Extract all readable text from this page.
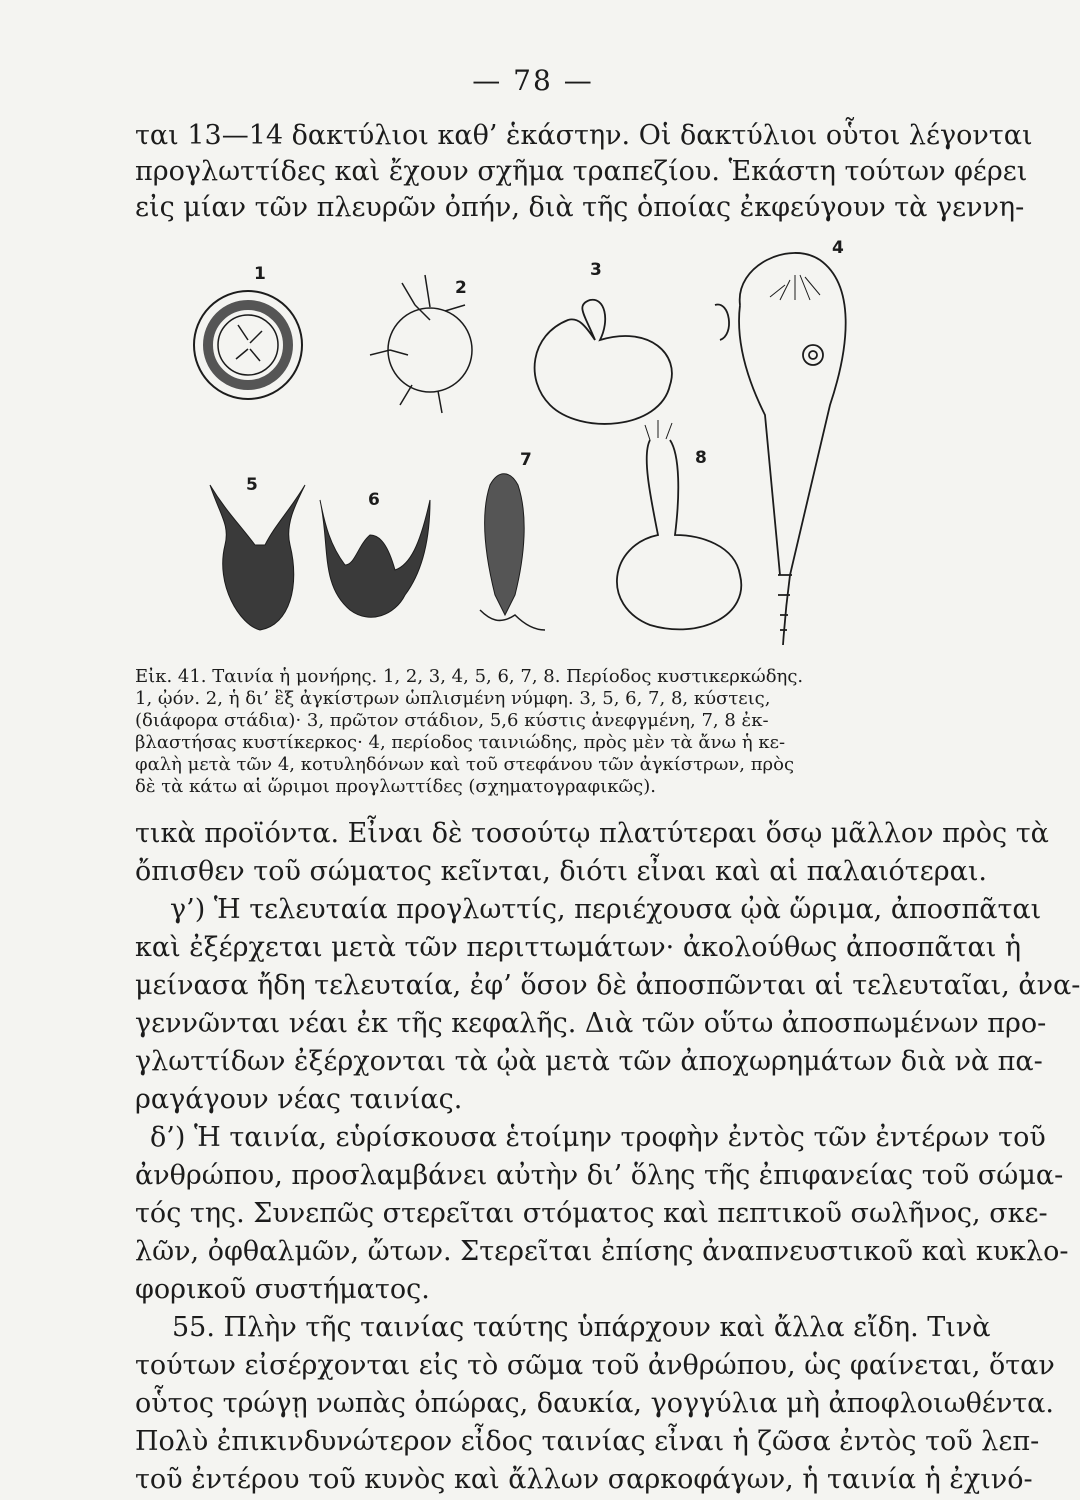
— 78 —
ται 13—14 δακτύλιοι καθ’ ἑκάστην. Οἱ δακτύλιοι οὗτοι λέγονται
προγλωττίδες καὶ ἔχουν σχῆμα τραπεζίου. Ἑκάστη τούτων φέρει
εἰς μίαν τῶν πλευρῶν ὀπήν, διὰ τῆς ὁποίας ἐκφεύγουν τὰ γεννη-
1
2
3
4
5
6
7	8
Εἰκ. 41. Ταινία ἡ μονήρης. 1, 2, 3, 4, 5, 6, 7, 8. Περίοδος κυστικερκώδης.
1, ᾠόν. 2, ἡ δι’ ἓξ ἀγκίστρων ὡπλισμένη νύμφη. 3, 5, 6, 7, 8, κύστεις,
(διάφορα στάδια)· 3, πρῶτον στάδιον, 5,6 κύστις ἀνεφγμένη, 7, 8 ἐκ-
βλαστήσας κυστίκερκος· 4, περίοδος ταινιώδης, πρὸς μὲν τὰ ἄνω ἡ κε-
φαλὴ μετὰ τῶν 4, κοτυληδόνων καὶ τοῦ στεφάνου τῶν ἀγκίστρων, πρὸς
δὲ τὰ κάτω αἱ ὥριμοι προγλωττίδες (σχηματογραφικῶς).
τικὰ προϊόντα. Εἶναι δὲ τοσούτῳ πλατύτεραι ὅσῳ μᾶλλον πρὸς τὰ
ὄπισθεν τοῦ σώματος κεῖνται, διότι εἶναι καὶ αἱ παλαιότεραι.
γ’) Ἡ τελευταία προγλωττίς, περιέχουσα ᾠὰ ὥριμα, ἀποσπᾶται
καὶ ἐξέρχεται μετὰ τῶν περιττωμάτων· ἀκολούθως ἀποσπᾶται ἡ
μείνασα ἤδη τελευταία, ἐφ’ ὅσον δὲ ἀποσπῶνται αἱ τελευταῖαι, ἀνα-
γεννῶνται νέαι ἐκ τῆς κεφαλῆς. Διὰ τῶν οὕτω ἀποσπωμένων προ-
γλωττίδων ἐξέρχονται τὰ ᾠὰ μετὰ τῶν ἀποχωρημάτων διὰ νὰ πα-
ραγάγουν νέας ταινίας.
δ’) Ἡ ταινία, εὑρίσκουσα ἑτοίμην τροφὴν ἐντὸς τῶν ἐντέρων τοῦ
ἀνθρώπου, προσλαμβάνει αὐτὴν δι’ ὅλης τῆς ἐπιφανείας τοῦ σώμα-
τός της. Συνεπῶς στερεῖται στόματος καὶ πεπτικοῦ σωλῆνος, σκε-
λῶν, ὀφθαλμῶν, ὤτων. Στερεῖται ἐπίσης ἀναπνευστικοῦ καὶ κυκλο-
φορικοῦ συστήματος.
55. Πλὴν τῆς ταινίας ταύτης ὑπάρχουν καὶ ἄλλα εἴδη. Τινὰ
τούτων εἰσέρχονται εἰς τὸ σῶμα τοῦ ἀνθρώπου, ὡς φαίνεται, ὅταν
οὗτος τρώγῃ νωπὰς ὀπώρας, δαυκία, γογγύλια μὴ ἀποφλοιωθέντα.
Πολὺ ἐπικινδυνώτερον εἶδος ταινίας εἶναι ἡ ζῶσα ἐντὸς τοῦ λεπ-
τοῦ ἐντέρου τοῦ κυνὸς καὶ ἄλλων σαρκοφάγων, ἡ ταινία ἡ ἐχινό-
